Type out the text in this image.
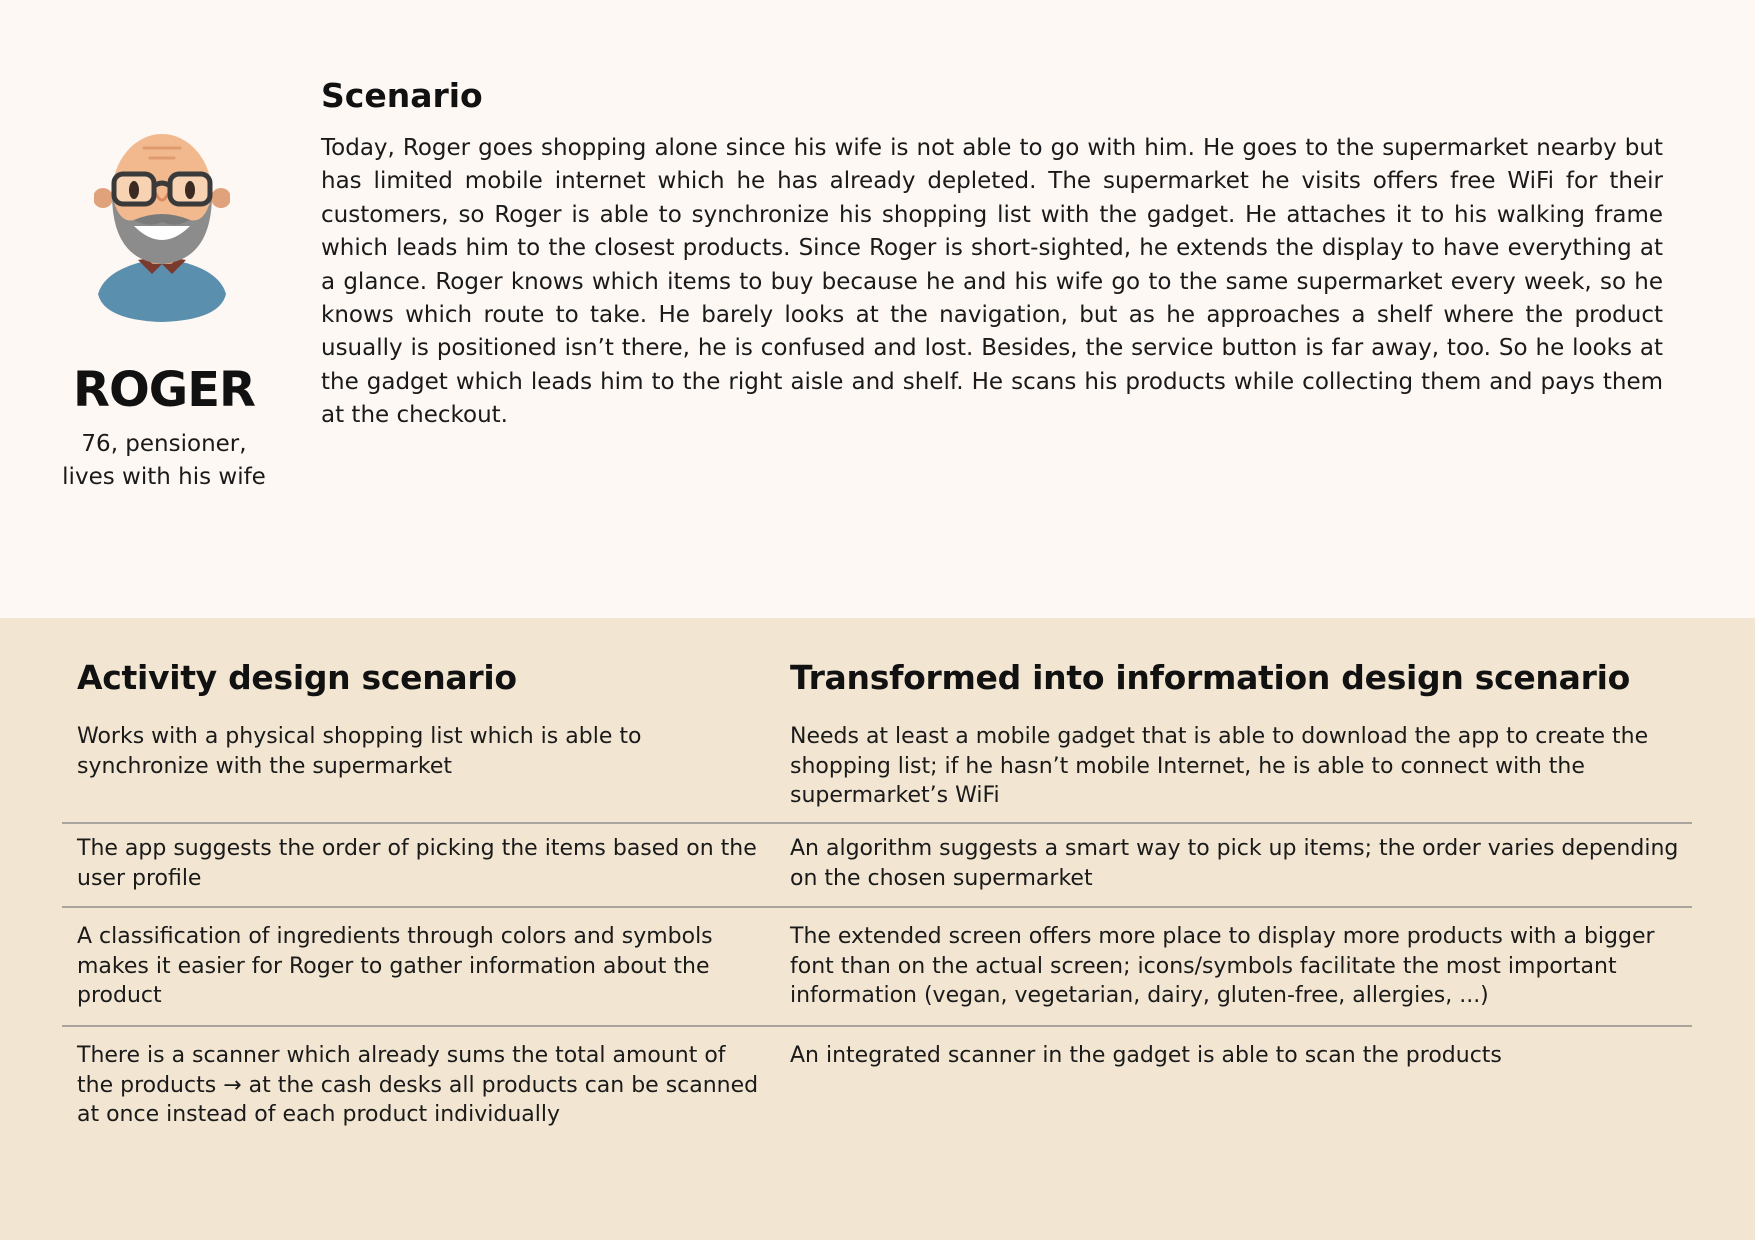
ROGER
76, pensioner, lives with his wife
Scenario

Today, Roger goes shopping alone since his wife is not able to go with him. He goes to the supermarket nearby but has limited mobile internet which he has already depleted. The supermarket he visits offers free WiFi for their customers, so Roger is able to synchronize his shopping list with the gadget. He attaches it to his walking frame which leads him to the closest products. Since Roger is short-sighted, he extends the display to have everything at a glance. Roger knows which items to buy because he and his wife go to the same supermarket every week, so he knows which route to take. He barely looks at the navigation, but as he approaches a shelf where the product usually is positioned isn’t there, he is confused and lost. Besides, the service button is far away, too. So he looks at the gadget which leads him to the right aisle and shelf. He scans his products while collecting them and pays them at the checkout.

Activity design scenario	Transformed into information design scenario
Works with a physical shopping list which is able to synchronize with the supermarket
Needs at least a mobile gadget that is able to download the app to create the shopping list; if he hasn’t mobile Internet, he is able to connect with the supermarket’s WiFi
The app suggests the order of picking the items based on the user profile
An algorithm suggests a smart way to pick up items; the order varies depending on the chosen supermarket
A classification of ingredients through colors and symbols makes it easier for Roger to gather information about the product
The extended screen offers more place to display more products with a bigger font than on the actual screen; icons/symbols facilitate the most important information (vegan, vegetarian, dairy, gluten-free, allergies, ...)
There is a scanner which already sums the total amount of the products → at the cash desks all products can be scanned at once instead of each product individually
An integrated scanner in the gadget is able to scan the products
